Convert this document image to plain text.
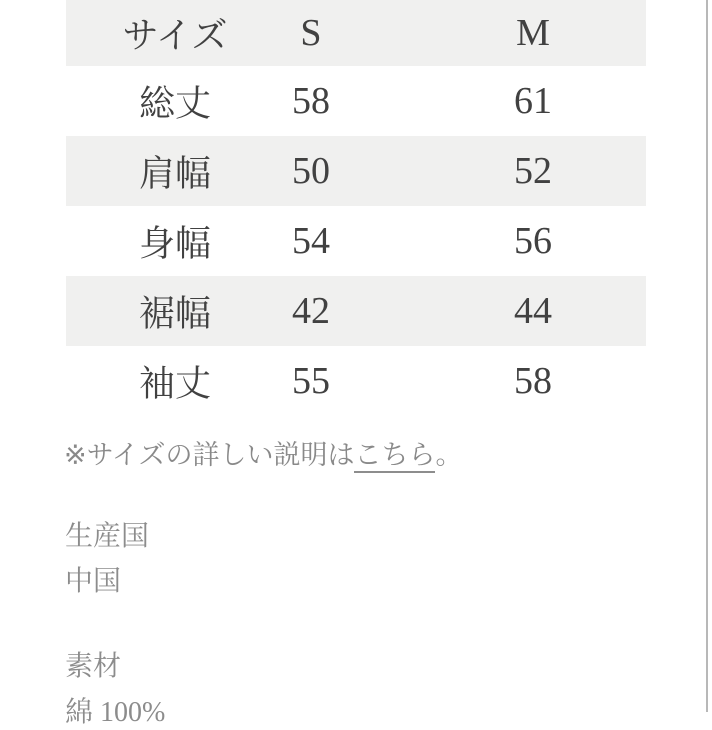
サイズ S	M
総丈 58	61
肩幅 50	52
身幅 54	56
裾幅 42	44
袖丈 55	58

※サイズの詳しい説明はこちら。

生産国

中国

素材

綿 100%
